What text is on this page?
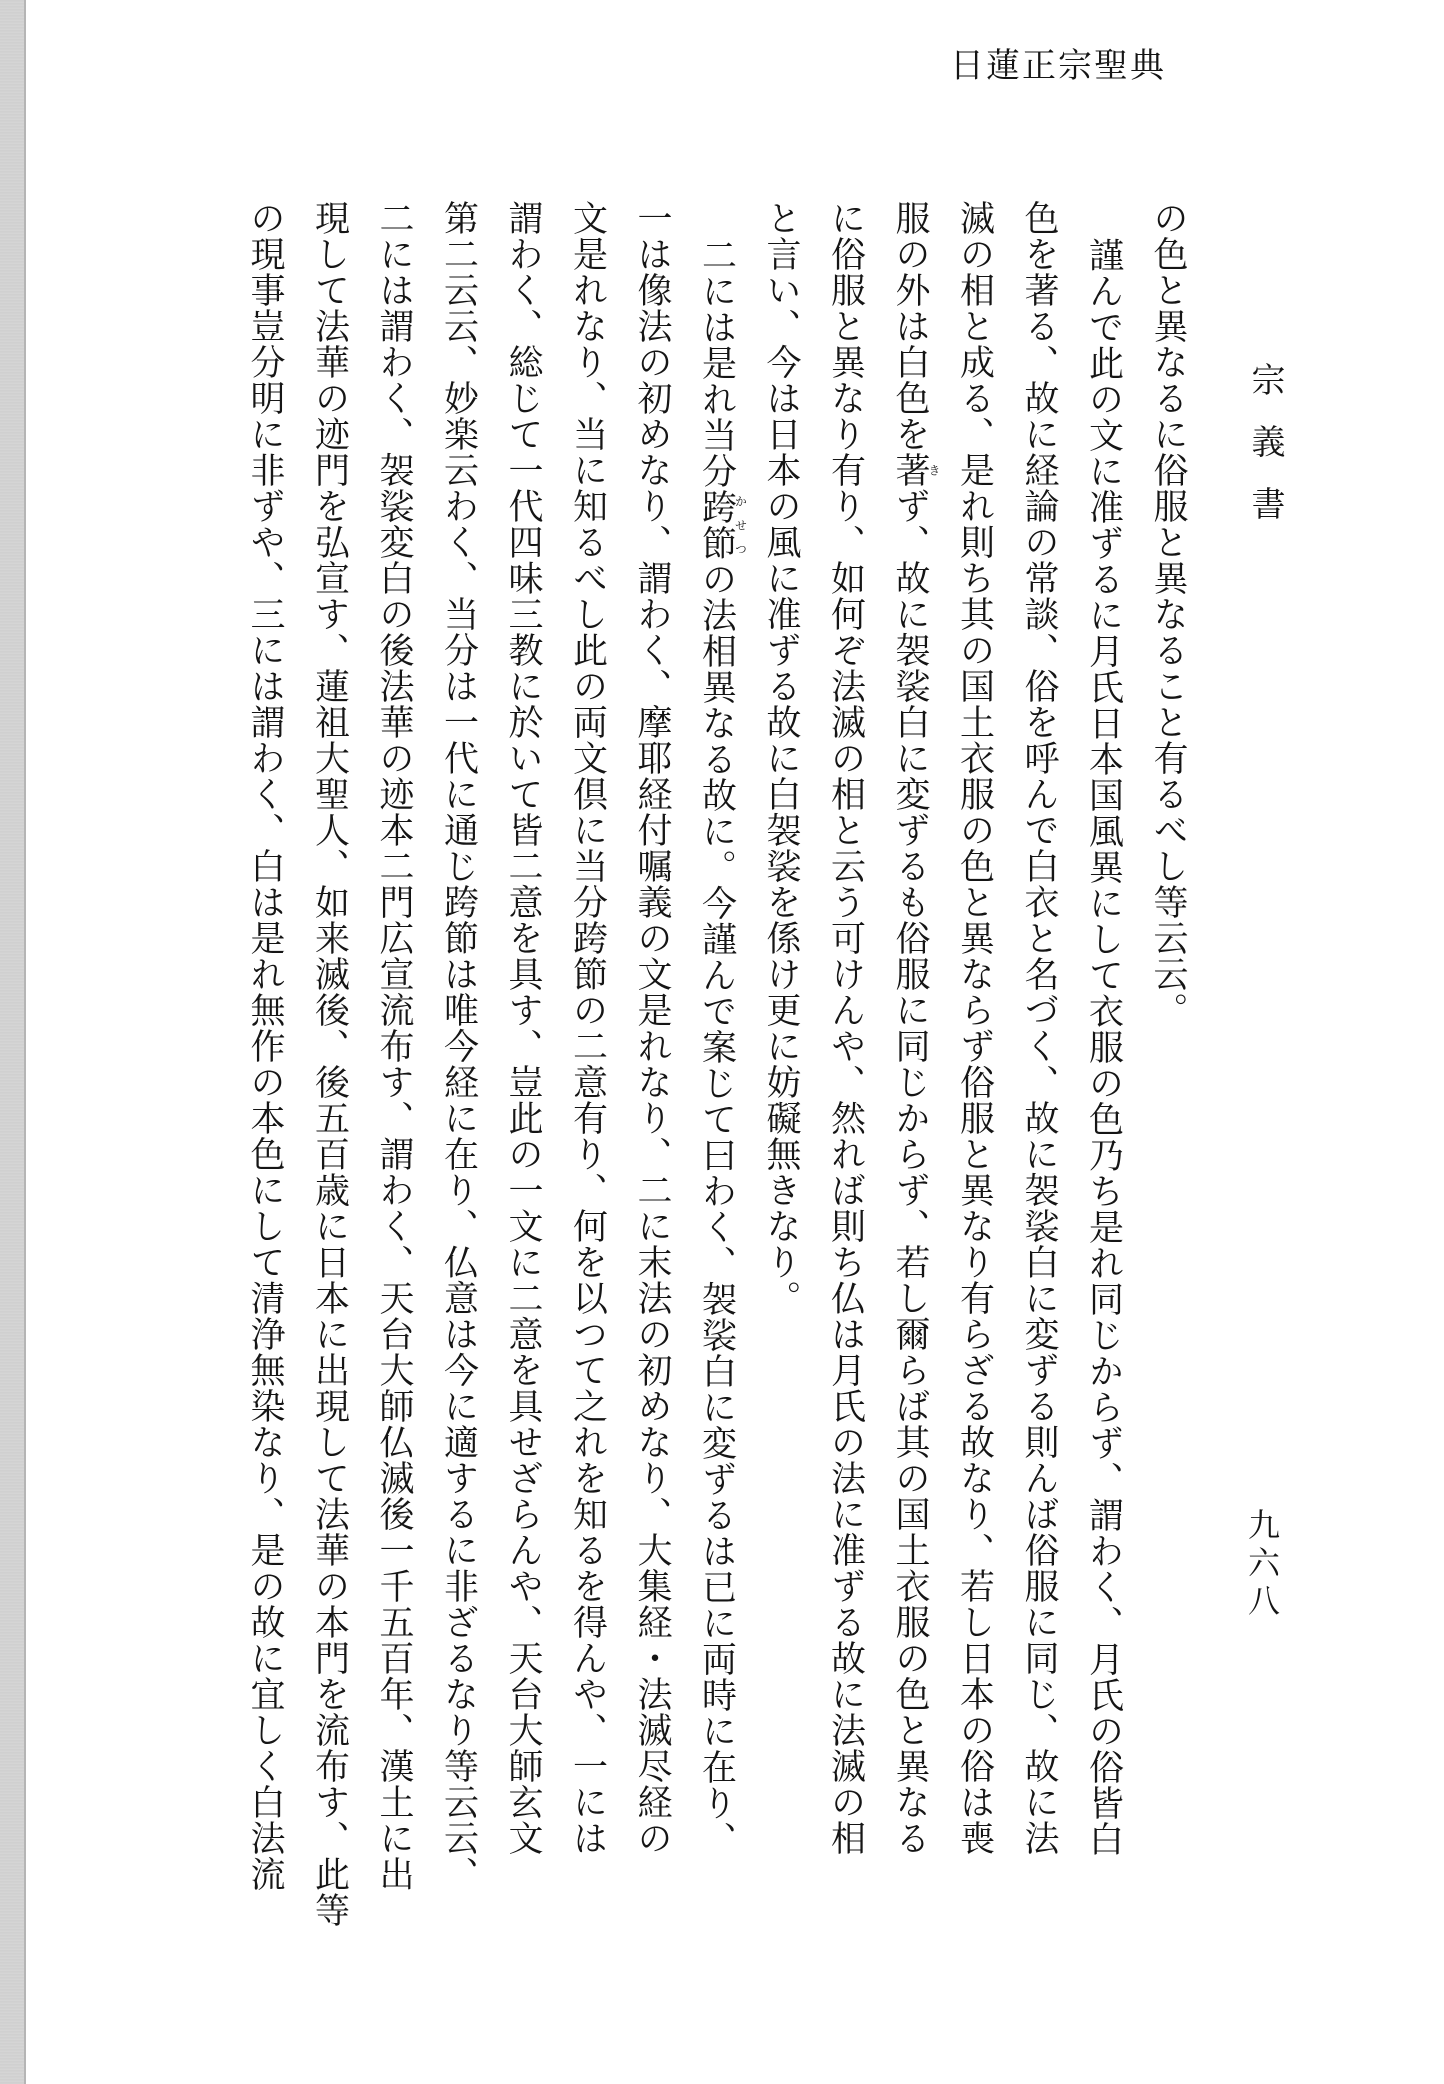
日蓮正宗聖典
宗義書
九六八
の色と異なるに俗服と異なること有るべし等云云。
謹んで此の文に准ずるに月氏日本国風異にして衣服の色乃ち是れ同じからず、謂わく、月氏の俗皆白
色を著る、故に経論の常談、俗を呼んで白衣と名づく、故に袈裟白に変ずる則んば俗服に同じ、故に法
滅の相と成る、是れ則ち其の国土衣服の色と異ならず俗服と異なり有らざる故なり、若し日本の俗は喪
服の外は白色を著きず、故に袈裟白に変ずるも俗服に同じからず、若し爾らば其の国土衣服の色と異なる
に俗服と異なり有り、如何ぞ法滅の相と云う可けんや、然れば則ち仏は月氏の法に准ずる故に法滅の相
と言い、今は日本の風に准ずる故に白袈裟を係け更に妨礙無きなり。
二には是れ当分跨節かせつの法相異なる故に。今謹んで案じて曰わく、袈裟白に変ずるは已に両時に在り、
一は像法の初めなり、謂わく、摩耶経付嘱義の文是れなり、二に末法の初めなり、大集経・法滅尽経の
文是れなり、当に知るべし此の両文倶に当分跨節の二意有り、何を以つて之れを知るを得んや、一には
謂わく、総じて一代四味三教に於いて皆二意を具す、豈此の一文に二意を具せざらんや、天台大師玄文
第二云云、妙楽云わく、当分は一代に通じ跨節は唯今経に在り、仏意は今に適するに非ざるなり等云云、
二には謂わく、袈裟変白の後法華の迹本二門広宣流布す、謂わく、天台大師仏滅後一千五百年、漢土に出
現して法華の迹門を弘宣す、蓮祖大聖人、如来滅後、後五百歳に日本に出現して法華の本門を流布す、此等
の現事豈分明に非ずや、三には謂わく、白は是れ無作の本色にして清浄無染なり、是の故に宜しく白法流
